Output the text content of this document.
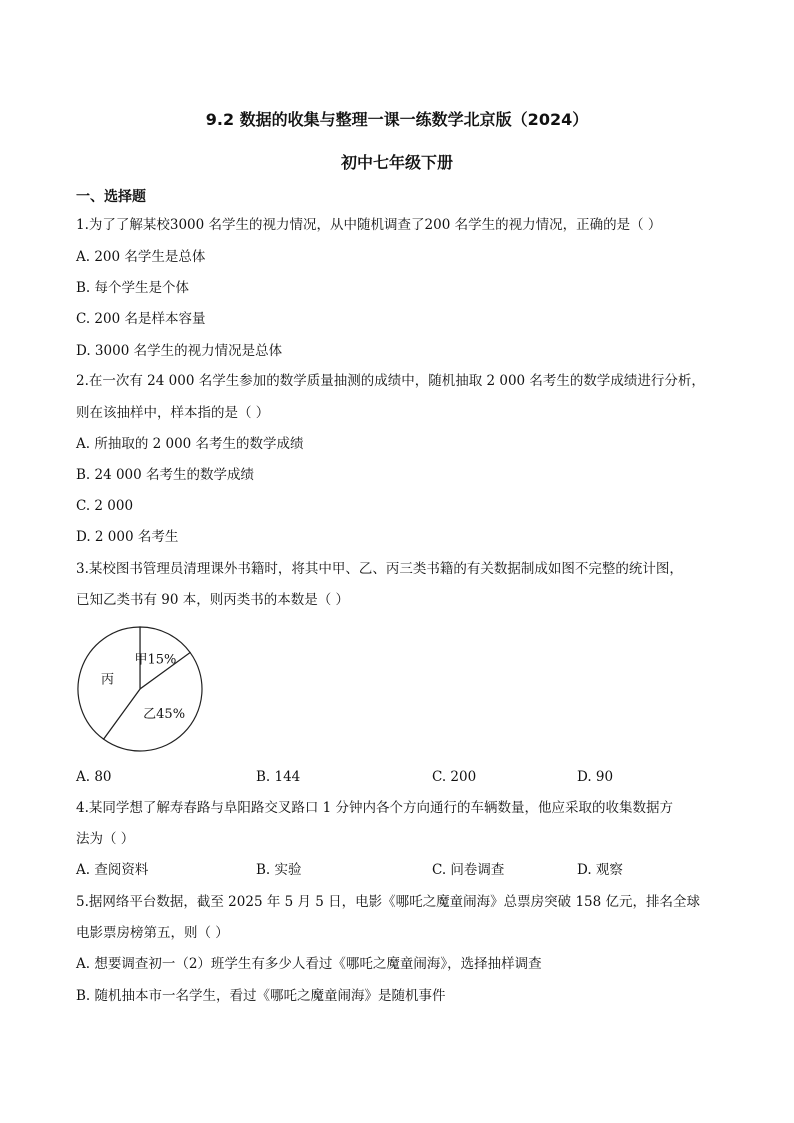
9.2 数据的收集与整理一课一练数学北京版（2024）
初中七年级下册
一、选择题
1.为了了解某校3000 名学生的视力情况，从中随机调查了200 名学生的视力情况，正确的是（ ）
A. 200 名学生是总体
B. 每个学生是个体
C. 200 名是样本容量
D. 3000 名学生的视力情况是总体
2.在一次有 24 000 名学生参加的数学质量抽测的成绩中，随机抽取 2 000 名考生的数学成绩进行分析，
则在该抽样中，样本指的是（ ）
A. 所抽取的 2 000 名考生的数学成绩
B. 24 000 名考生的数学成绩
C. 2 000
D. 2 000 名考生
3.某校图书管理员清理课外书籍时，将其中甲、乙、丙三类书籍的有关数据制成如图不完整的统计图，
已知乙类书有 90 本，则丙类书的本数是（ ）
甲15%
乙45%
丙
A. 80	B. 144	C. 200	D. 90
4.某同学想了解寿春路与阜阳路交叉路口 1 分钟内各个方向通行的车辆数量，他应采取的收集数据方
法为（ ）
A. 查阅资料	B. 实验	C. 问卷调查	D. 观察
5.据网络平台数据，截至 2025 年 5 月 5 日，电影《哪吒之魔童闹海》总票房突破 158 亿元，排名全球
电影票房榜第五，则（ ）
A. 想要调查初一（2）班学生有多少人看过《哪吒之魔童闹海》，选择抽样调查
B. 随机抽本市一名学生，看过《哪吒之魔童闹海》是随机事件
